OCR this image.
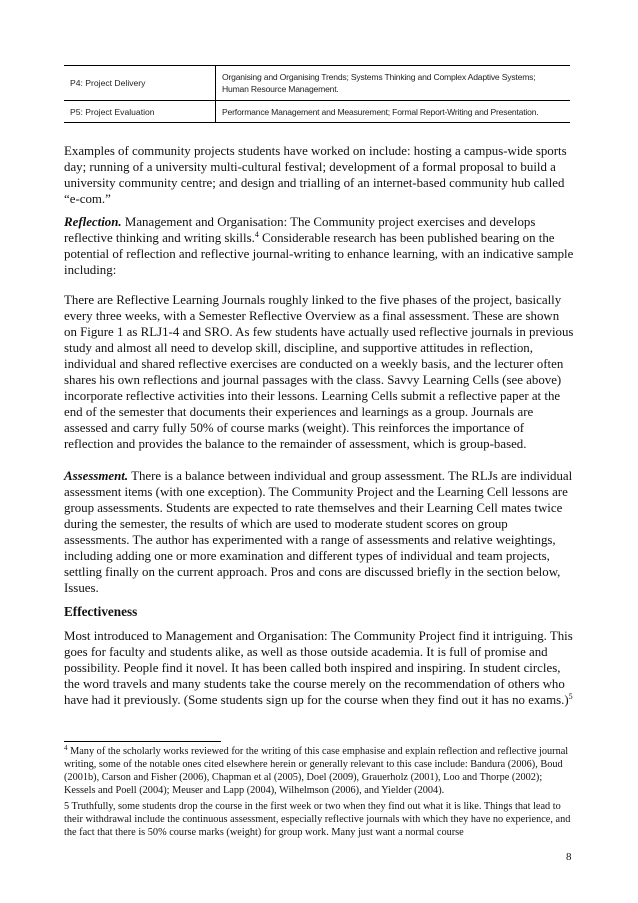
P4: Project Delivery	Organising and Organising Trends; Systems Thinking and Complex Adaptive Systems; Human Resource Management.
P5: Project Evaluation	Performance Management and Measurement; Formal Report-Writing and Presentation.

Examples of community projects students have worked on include: hosting a campus-wide sports day; running of a university multi-cultural festival; development of a formal proposal to build a university community centre; and design and trialling of an internet-based community hub called “e-com.”

Reflection. Management and Organisation: The Community project exercises and develops reflective thinking and writing skills.$^4$ Considerable research has been published bearing on the potential of reflection and reflective journal-writing to enhance learning, with an indicative sample including:

There are Reflective Learning Journals roughly linked to the five phases of the project, basically every three weeks, with a Semester Reflective Overview as a final assessment. These are shown on Figure 1 as RLJ1-4 and SRO. As few students have actually used reflective journals in previous study and almost all need to develop skill, discipline, and supportive attitudes in reflection, individual and shared reflective exercises are conducted on a weekly basis, and the lecturer often shares his own reflections and journal passages with the class. Savvy Learning Cells (see above) incorporate reflective activities into their lessons. Learning Cells submit a reflective paper at the end of the semester that documents their experiences and learnings as a group. Journals are assessed and carry fully 50% of course marks (weight). This reinforces the importance of reflection and provides the balance to the remainder of assessment, which is group-based.

Assessment. There is a balance between individual and group assessment. The RLJs are individual assessment items (with one exception). The Community Project and the Learning Cell lessons are group assessments. Students are expected to rate themselves and their Learning Cell mates twice during the semester, the results of which are used to moderate student scores on group assessments. The author has experimented with a range of assessments and relative weightings, including adding one or more examination and different types of individual and team projects, settling finally on the current approach. Pros and cons are discussed briefly in the section below, Issues.

Effectiveness

Most introduced to Management and Organisation: The Community Project find it intriguing. This goes for faculty and students alike, as well as those outside academia. It is full of promise and possibility. People find it novel. It has been called both inspired and inspiring. In student circles, the word travels and many students take the course merely on the recommendation of others who have had it previously. (Some students sign up for the course when they find out it has no exams.)$^5$

$^4$ Many of the scholarly works reviewed for the writing of this case emphasise and explain reflection and reflective journal writing, some of the notable ones cited elsewhere herein or generally relevant to this case include: Bandura (2006), Boud (2001b), Carson and Fisher (2006), Chapman et al (2005), Doel (2009), Grauerholz (2001), Loo and Thorpe (2002); Kessels and Poell (2004); Meuser and Lapp (2004), Wilhelmson (2006), and Yielder (2004).

5 Truthfully, some students drop the course in the first week or two when they find out what it is like. Things that lead to their withdrawal include the continuous assessment, especially reflective journals with which they have no experience, and the fact that there is 50% course marks (weight) for group work. Many just want a normal course

8
